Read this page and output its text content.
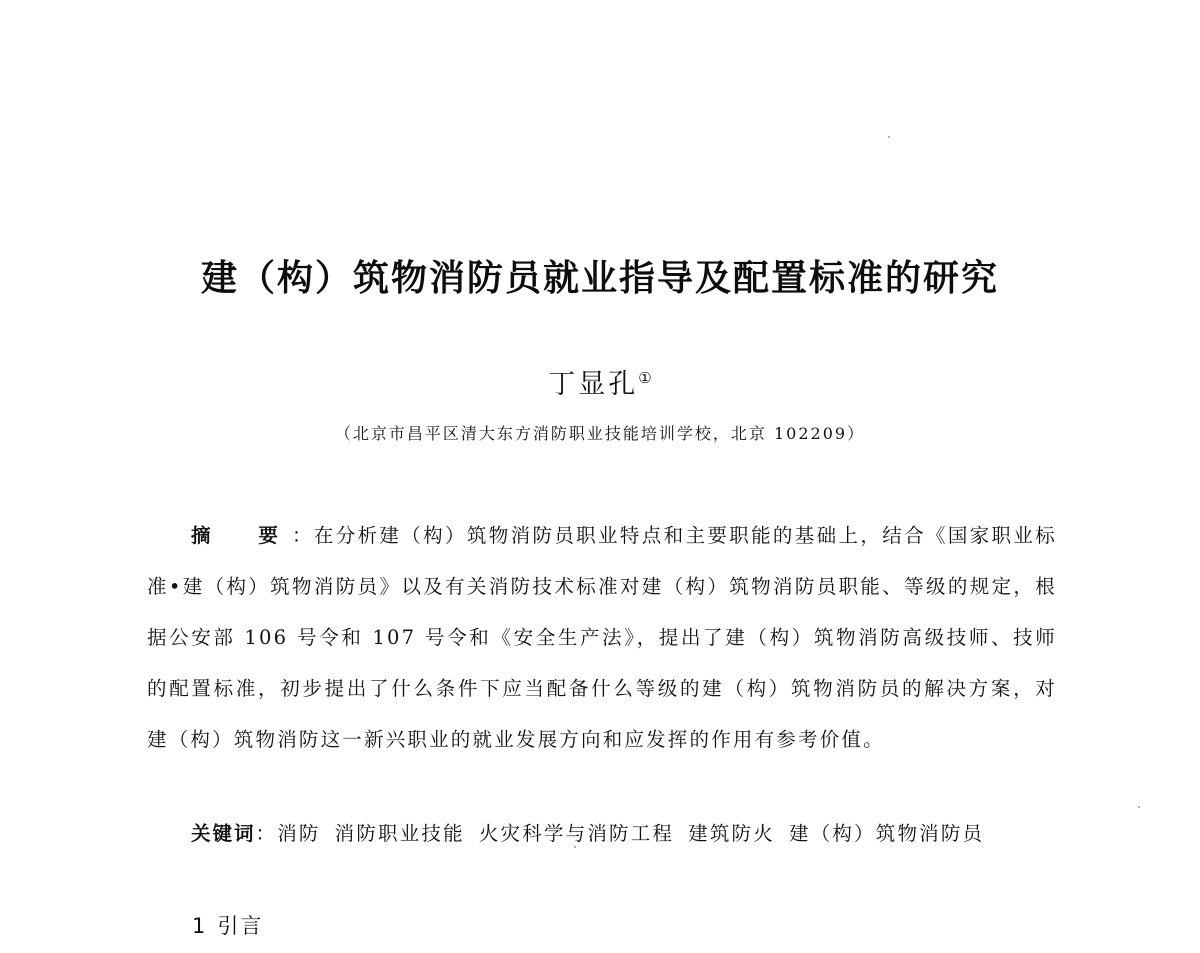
建（构）筑物消防员就业指导及配置标准的研究
丁显孔①
（北京市昌平区清大东方消防职业技能培训学校，北京 102209）
摘　要：在分析建（构）筑物消防员职业特点和主要职能的基础上，结合《国家职业标准•建（构）筑物消防员》以及有关消防技术标准对建（构）筑物消防员职能、等级的规定，根据公安部 106 号令和 107 号令和《安全生产法》，提出了建（构）筑物消防高级技师、技师的配置标准，初步提出了什么条件下应当配备什么等级的建（构）筑物消防员的解决方案，对建（构）筑物消防这一新兴职业的就业发展方向和应发挥的作用有参考价值。
关键词：消防 消防职业技能 火灾科学与消防工程 建筑防火 建（构）筑物消防员
1 引言
